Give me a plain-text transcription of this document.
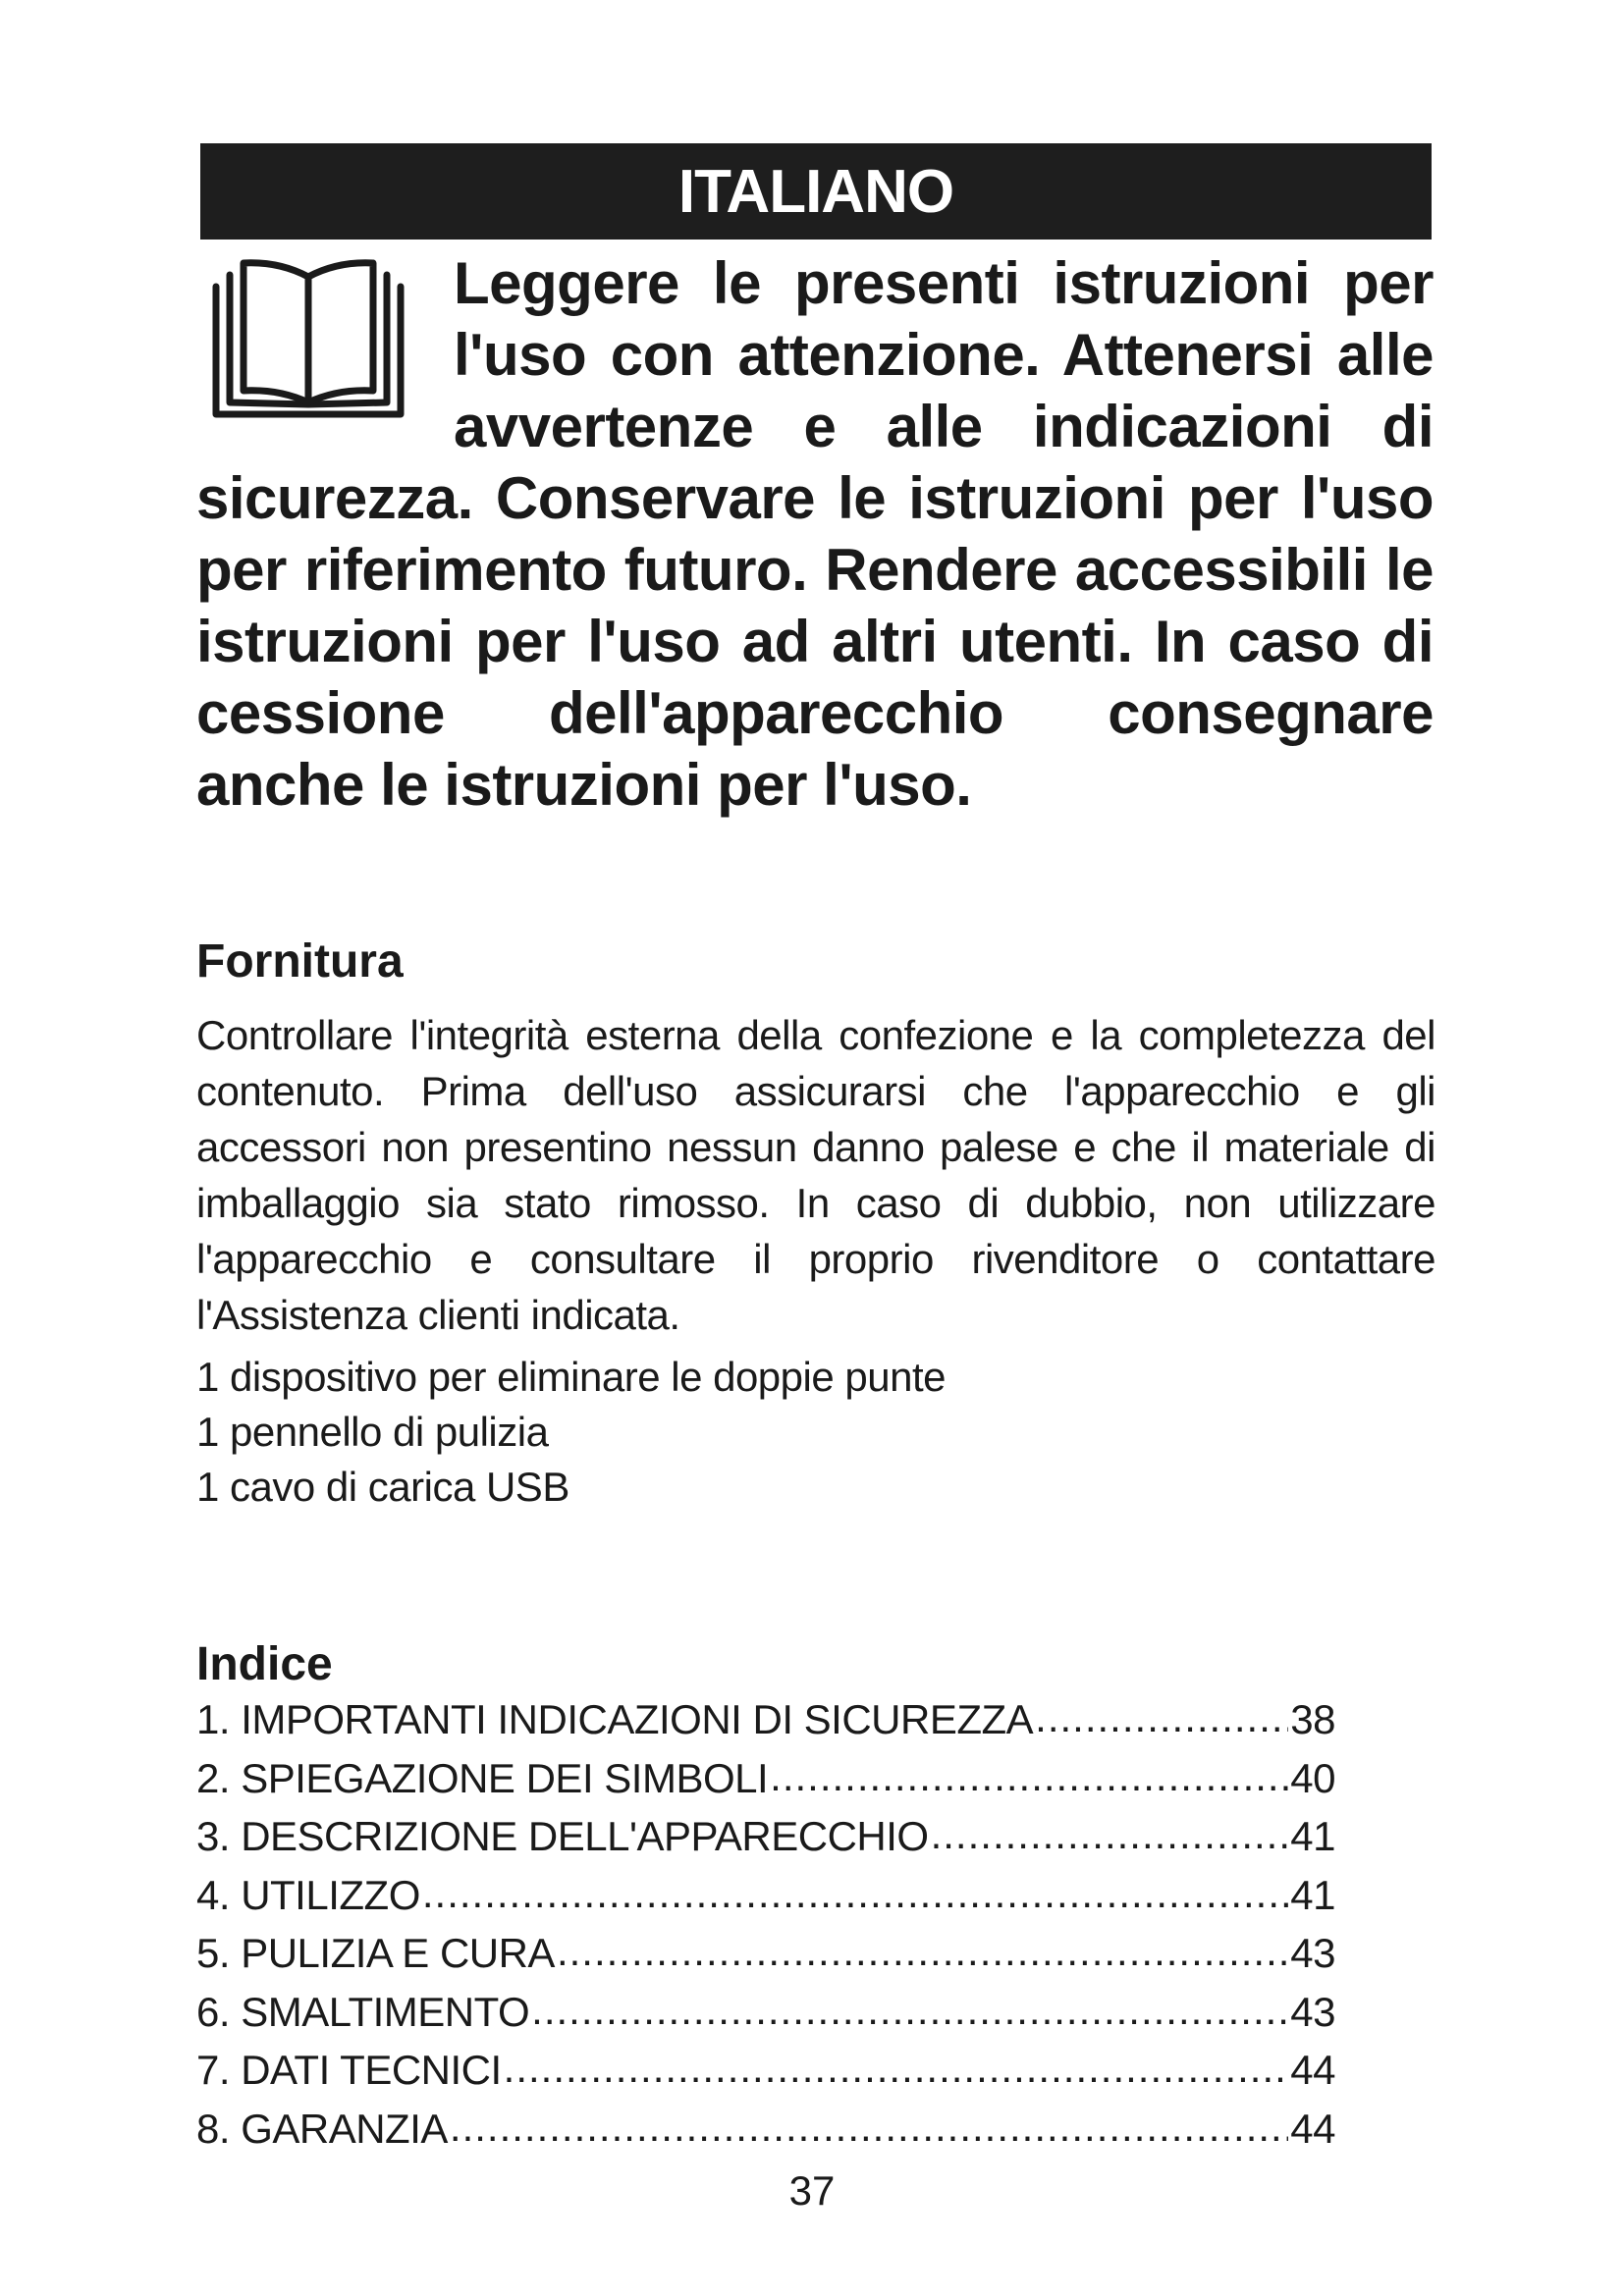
ITALIANO
Leggere le presenti istruzioni per l'uso con attenzione. Attenersi alle avvertenze e alle indicazioni di sicurezza. Conservare le istruzioni per l'uso per riferimento futuro. Rendere accessibili le istruzioni per l'uso ad altri utenti. In caso di cessione dell'apparecchio consegnare anche le istruzioni per l'uso.
Fornitura
Controllare l'integrità esterna della confezione e la completezza del contenuto. Prima dell'uso assicurarsi che l'apparecchio e gli accessori non presentino nessun danno palese e che il materiale di imballaggio sia stato rimosso. In caso di dubbio, non utilizzare l'apparecchio e consultare il proprio rivenditore o contattare l'Assistenza clienti indicata.
1 dispositivo per eliminare le doppie punte
1 pennello di pulizia
1 cavo di carica USB
Indice
1. IMPORTANTI INDICAZIONI DI SICUREZZA .....	38
2. SPIEGAZIONE DEI SIMBOLI .....	40
3. DESCRIZIONE DELL'APPARECCHIO .....	41
4. UTILIZZO .....	41
5. PULIZIA E CURA .....	43
6. SMALTIMENTO .....	43
7. DATI TECNICI .....	44
8. GARANZIA .....	44
37
